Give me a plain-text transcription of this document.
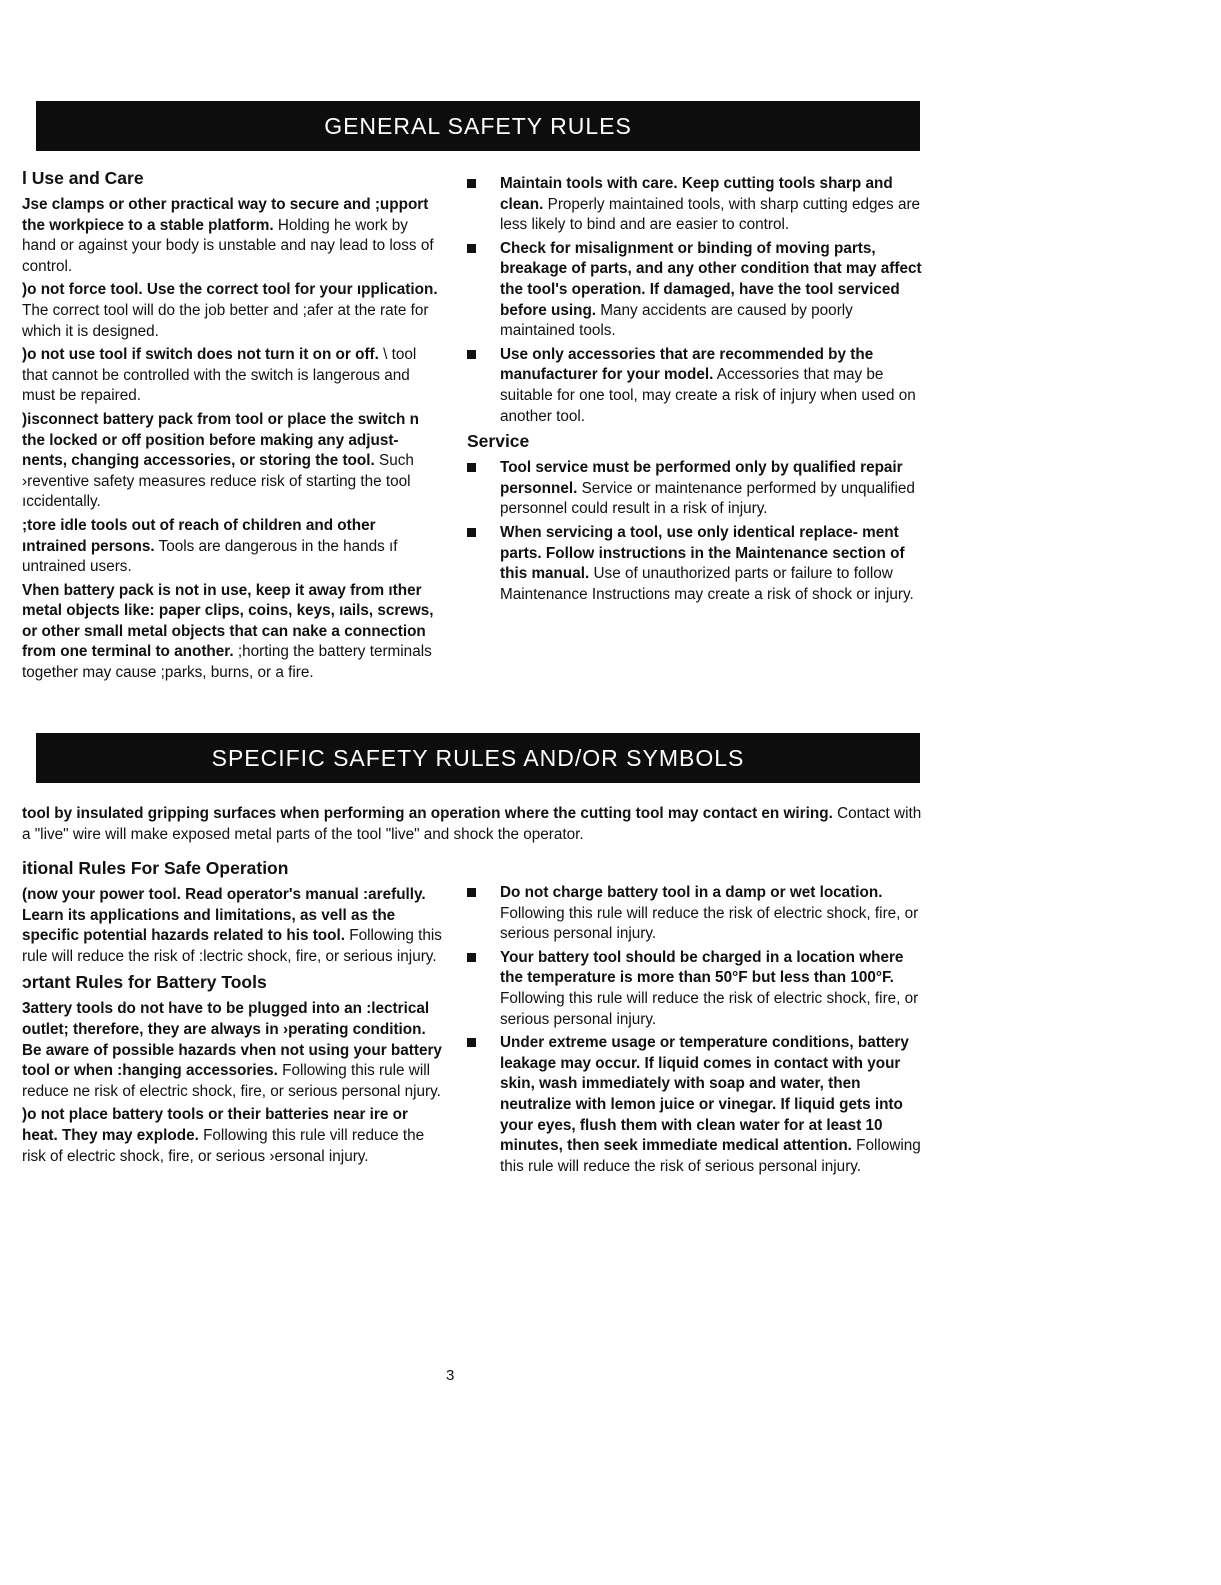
GENERAL SAFETY RULES
l Use and Care

Jse clamps or other practical way to secure and ;upport the workpiece to a stable platform. Holding he work by hand or against your body is unstable and nay lead to loss of control.

)o not force tool. Use the correct tool for your ıpplication. The correct tool will do the job better and ;afer at the rate for which it is designed.

)o not use tool if switch does not turn it on or off. \ tool that cannot be controlled with the switch is langerous and must be repaired.

)isconnect battery pack from tool or place the switch n the locked or off position before making any adjust- nents, changing accessories, or storing the tool. Such ›reventive safety measures reduce risk of starting the tool ıccidentally.

;tore idle tools out of reach of children and other ıntrained persons. Tools are dangerous in the hands ıf untrained users.

Vhen battery pack is not in use, keep it away from ıther metal objects like: paper clips, coins, keys, ıails, screws, or other small metal objects that can nake a connection from one terminal to another. ;horting the battery terminals together may cause ;parks, burns, or a fire.

Maintain tools with care. Keep cutting tools sharp and clean. Properly maintained tools, with sharp cutting edges are less likely to bind and are easier to control.
Check for misalignment or binding of moving parts, breakage of parts, and any other condition that may affect the tool's operation. If damaged, have the tool serviced before using. Many accidents are caused by poorly maintained tools.
Use only accessories that are recommended by the manufacturer for your model. Accessories that may be suitable for one tool, may create a risk of injury when used on another tool.
Service
Tool service must be performed only by qualified repair personnel. Service or maintenance performed by unqualified personnel could result in a risk of injury.
When servicing a tool, use only identical replace- ment parts. Follow instructions in the Maintenance section of this manual. Use of unauthorized parts or failure to follow Maintenance Instructions may create a risk of shock or injury.
SPECIFIC SAFETY RULES AND/OR SYMBOLS

tool by insulated gripping surfaces when performing an operation where the cutting tool may contact en wiring. Contact with a "live" wire will make exposed metal parts of the tool "live" and shock the operator.

itional Rules For Safe Operation

(now your power tool. Read operator's manual :arefully. Learn its applications and limitations, as vell as the specific potential hazards related to his tool. Following this rule will reduce the risk of :lectric shock, fire, or serious injury.

ɔrtant Rules for Battery Tools

3attery tools do not have to be plugged into an :lectrical outlet; therefore, they are always in ›perating condition. Be aware of possible hazards vhen not using your battery tool or when :hanging accessories. Following this rule will reduce ne risk of electric shock, fire, or serious personal njury.

)o not place battery tools or their batteries near ire or heat. They may explode. Following this rule vill reduce the risk of electric shock, fire, or serious ›ersonal injury.

Do not charge battery tool in a damp or wet location. Following this rule will reduce the risk of electric shock, fire, or serious personal injury.
Your battery tool should be charged in a location where the temperature is more than 50°F but less than 100°F. Following this rule will reduce the risk of electric shock, fire, or serious personal injury.
Under extreme usage or temperature conditions, battery leakage may occur. If liquid comes in contact with your skin, wash immediately with soap and water, then neutralize with lemon juice or vinegar. If liquid gets into your eyes, flush them with clean water for at least 10 minutes, then seek immediate medical attention. Following this rule will reduce the risk of serious personal injury.
3
